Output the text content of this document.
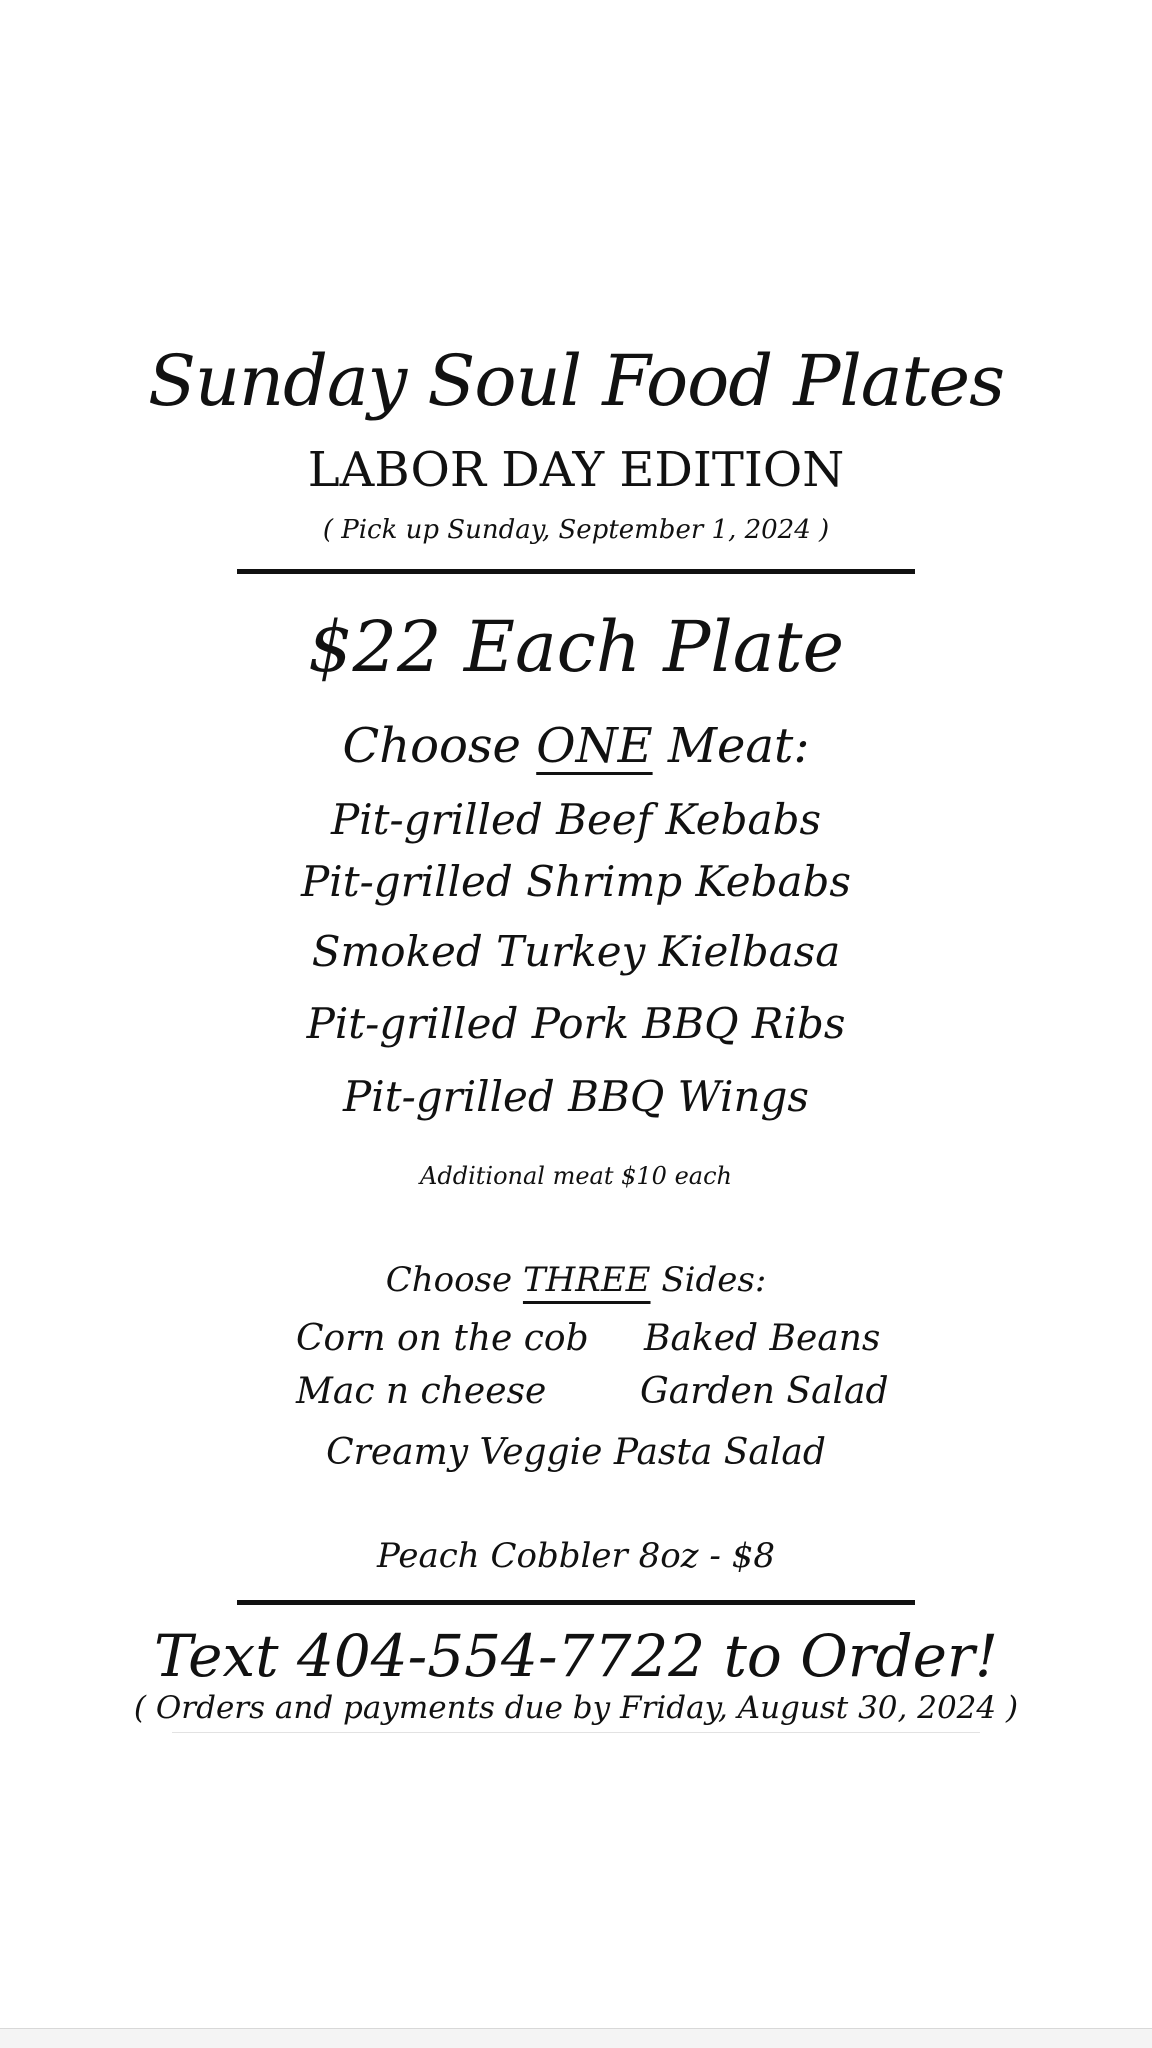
Sunday Soul Food Plates
LABOR DAY EDITION
( Pick up Sunday, September 1, 2024 )
$22 Each Plate
Choose ONE Meat:
Pit-grilled Beef Kebabs
Pit-grilled Shrimp Kebabs
Smoked Turkey Kielbasa
Pit-grilled Pork BBQ Ribs
Pit-grilled BBQ Wings
Additional meat $10 each
Choose THREE Sides:
Corn on the cob Baked Beans
Mac n cheese	Garden Salad
Creamy Veggie Pasta Salad
Peach Cobbler 8oz - $8
Text 404-554-7722 to Order!
( Orders and payments due by Friday, August 30, 2024 )
